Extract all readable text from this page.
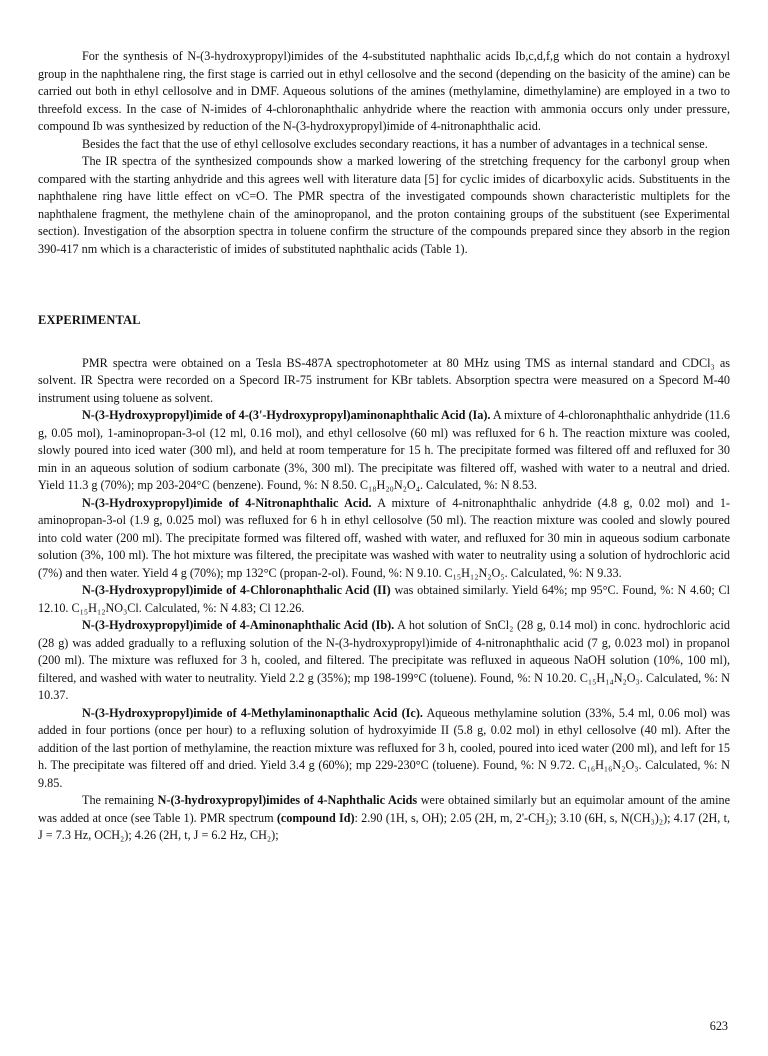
For the synthesis of N-(3-hydroxypropyl)imides of the 4-substituted naphthalic acids Ib,c,d,f,g which do not contain a hydroxyl group in the naphthalene ring, the first stage is carried out in ethyl cellosolve and the second (depending on the basicity of the amine) can be carried out both in ethyl cellosolve and in DMF. Aqueous solutions of the amines (methylamine, dimethylamine) are employed in a two to threefold excess. In the case of N-imides of 4-chloronaphthalic anhydride where the reaction with ammonia occurs only under pressure, compound Ib was synthesized by reduction of the N-(3-hydroxypropyl)imide of 4-nitronaphthalic acid.

Besides the fact that the use of ethyl cellosolve excludes secondary reactions, it has a number of advantages in a technical sense.

The IR spectra of the synthesized compounds show a marked lowering of the stretching frequency for the carbonyl group when compared with the starting anhydride and this agrees well with literature data [5] for cyclic imides of dicarboxylic acids. Substituents in the naphthalene ring have little effect on νC=O. The PMR spectra of the investigated compounds shown characteristic multiplets for the naphthalene fragment, the methylene chain of the aminopropanol, and the proton containing groups of the substituent (see Experimental section). Investigation of the absorption spectra in toluene confirm the structure of the compounds prepared since they absorb in the region 390-417 nm which is a characteristic of imides of substituted naphthalic acids (Table 1).

EXPERIMENTAL

PMR spectra were obtained on a Tesla BS-487A spectrophotometer at 80 MHz using TMS as internal standard and CDCl₃ as solvent. IR Spectra were recorded on a Specord IR-75 instrument for KBr tablets. Absorption spectra were measured on a Specord M-40 instrument using toluene as solvent.

N-(3-Hydroxypropyl)imide of 4-(3'-Hydroxypropyl)aminonaphthalic Acid (Ia). A mixture of 4-chloronaphthalic anhydride (11.6 g, 0.05 mol), 1-aminopropan-3-ol (12 ml, 0.16 mol), and ethyl cellosolve (60 ml) was refluxed for 6 h. The reaction mixture was cooled, slowly poured into iced water (300 ml), and held at room temperature for 15 h. The precipitate formed was filtered off and refluxed for 30 min in an aqueous solution of sodium carbonate (3%, 300 ml). The precipitate was filtered off, washed with water to a neutral and dried. Yield 11.3 g (70%); mp 203-204°C (benzene). Found, %: N 8.50. C₁₈H₂₀N₂O₄. Calculated, %: N 8.53.

N-(3-Hydroxypropyl)imide of 4-Nitronaphthalic Acid. A mixture of 4-nitronaphthalic anhydride (4.8 g, 0.02 mol) and 1-aminopropan-3-ol (1.9 g, 0.025 mol) was refluxed for 6 h in ethyl cellosolve (50 ml). The reaction mixture was cooled and slowly poured into cold water (200 ml). The precipitate formed was filtered off, washed with water, and refluxed for 30 min in aqueous sodium carbonate solution (3%, 100 ml). The hot mixture was filtered, the precipitate was washed with water to neutrality using a solution of hydrochloric acid (7%) and then water. Yield 4 g (70%); mp 132°C (propan-2-ol). Found, %: N 9.10. C₁₅H₁₂N₂O₅. Calculated, %: N 9.33.

N-(3-Hydroxypropyl)imide of 4-Chloronaphthalic Acid (II) was obtained similarly. Yield 64%; mp 95°C. Found, %: N 4.60; Cl 12.10. C₁₅H₁₂NO₃Cl. Calculated, %: N 4.83; Cl 12.26.

N-(3-Hydroxypropyl)imide of 4-Aminonaphthalic Acid (Ib). A hot solution of SnCl₂ (28 g, 0.14 mol) in conc. hydrochloric acid (28 g) was added gradually to a refluxing solution of the N-(3-hydroxypropyl)imide of 4-nitronaphthalic acid (7 g, 0.023 mol) in propanol (200 ml). The mixture was refluxed for 3 h, cooled, and filtered. The precipitate was refluxed in aqueous NaOH solution (10%, 100 ml), filtered, and washed with water to neutrality. Yield 2.2 g (35%); mp 198-199°C (toluene). Found, %: N 10.20. C₁₅H₁₄N₂O₃. Calculated, %: N 10.37.

N-(3-Hydroxypropyl)imide of 4-Methylaminonapthalic Acid (Ic). Aqueous methylamine solution (33%, 5.4 ml, 0.06 mol) was added in four portions (once per hour) to a refluxing solution of hydroxyimide II (5.8 g, 0.02 mol) in ethyl cellosolve (40 ml). After the addition of the last portion of methylamine, the reaction mixture was refluxed for 3 h, cooled, poured into iced water (200 ml), and left for 15 h. The precipitate was filtered off and dried. Yield 3.4 g (60%); mp 229-230°C (toluene). Found, %: N 9.72. C₁₆H₁₆N₂O₃. Calculated, %: N 9.85.

The remaining N-(3-hydroxypropyl)imides of 4-Naphthalic Acids were obtained similarly but an equimolar amount of the amine was added at once (see Table 1). PMR spectrum (compound Id): 2.90 (1H, s, OH); 2.05 (2H, m, 2'-CH₂); 3.10 (6H, s, N(CH₃)₂); 4.17 (2H, t, J = 7.3 Hz, OCH₂); 4.26 (2H, t, J = 6.2 Hz, CH₂);

623
